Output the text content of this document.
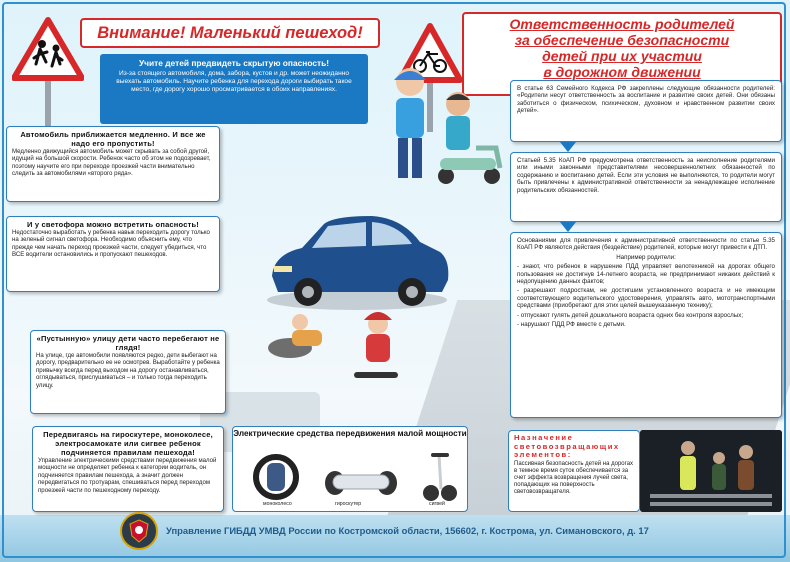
Внимание! Маленький пешеход!	Ответственность родителей
за обеспечение безопасности
детей при их участии
в дорожном движении
Учите детей предвидеть скрытую опасность!

Из-за стоящего автомобиля, дома, забора, кустов и др. может неожиданно выехать автомобиль. Научите ребенка для перехода дороги выбирать такое место, где дорогу хорошо просматривается в обоих направлениях.

Автомобиль приближается медленно. И все же надо его пропустить!

Медленно движущийся автомобиль может скрывать за собой другой, идущий на большой скорости. Ребенок часто об этом не подозревает, поэтому научите его при переходе проезжей части внимательно следить за автомобилями «второго ряда».

И у светофора можно встретить опасность!

Недостаточно выработать у ребенка навык переходить дорогу только на зеленый сигнал светофора. Необходимо объяснить ему, что прежде чем начать переход проезжей части, следует убедиться, что ВСЕ водители остановились и пропускают пешеходов.

«Пустынную» улицу дети часто перебегают не глядя!

На улице, где автомобили появляются редко, дети выбегают на дорогу, предварительно ее не осмотрев. Выработайте у ребенка привычку всегда перед выходом на дорогу останавливаться, оглядываться, прислушиваться – и только тогда переходить улицу.

Передвигаясь на гироскутере, моноколесе, электросамокате или сигвее ребенок подчиняется правилам пешехода!

Управление электрическими средствами передвижения малой мощности не определяет ребенка к категории водитель, он подчиняется правилам пешехода, а значит должен передвигаться по тротуарам, спешиваться перед переходом проезжей части по пешеходному переходу.

В статье 63 Семейного Кодекса РФ закреплены следующие обязанности родителей: «Родители несут ответственность за воспитание и развитие своих детей. Они обязаны заботиться о физическом, психическом, духовном и нравственном развитии своих детей».

Статьей 5.35 КоАП РФ предусмотрена ответственность за неисполнение родителями или иными законными представителями несовершеннолетних обязанностей по содержанию и воспитанию детей. Если эти условия не выполняются, то родители могут быть привлечены к административной ответственности за ненадлежащее исполнение родительских обязанностей.

Основаниями для привлечения к административной ответственности по статье 5.35 КоАП РФ являются действия (бездействие) родителей, которые могут привести к ДТП.

Например родители:

- знают, что ребенок в нарушение ПДД управляет велотехникой на дорогах общего пользования не достигнув 14-летнего возраста, не предпринимают никаких действий к недопущению данных фактов;

- разрешают подросткам, не достигшим установленного возраста и не имеющим соответствующего водительского удостоверения, управлять авто, мототранспортными средствами (приобретают для этих целей вышеуказанную технику);

- отпускают гулять детей дошкольного возраста одних без контроля взрослых;

- нарушают ПДД РФ вместе с детьми.

Электрические средства передвижения малой мощности
моноколесо	гироскутер	сигвей
Назначение световозвращающих элементов:

Пассивная безопасность детей на дорогах в темное время суток обеспечивается за счет эффекта возвращения лучей света, попадающих на поверхность световозвращателя.

Управление ГИБДД УМВД России по Костромской области, 156602, г. Кострома, ул. Симановского, д. 17
